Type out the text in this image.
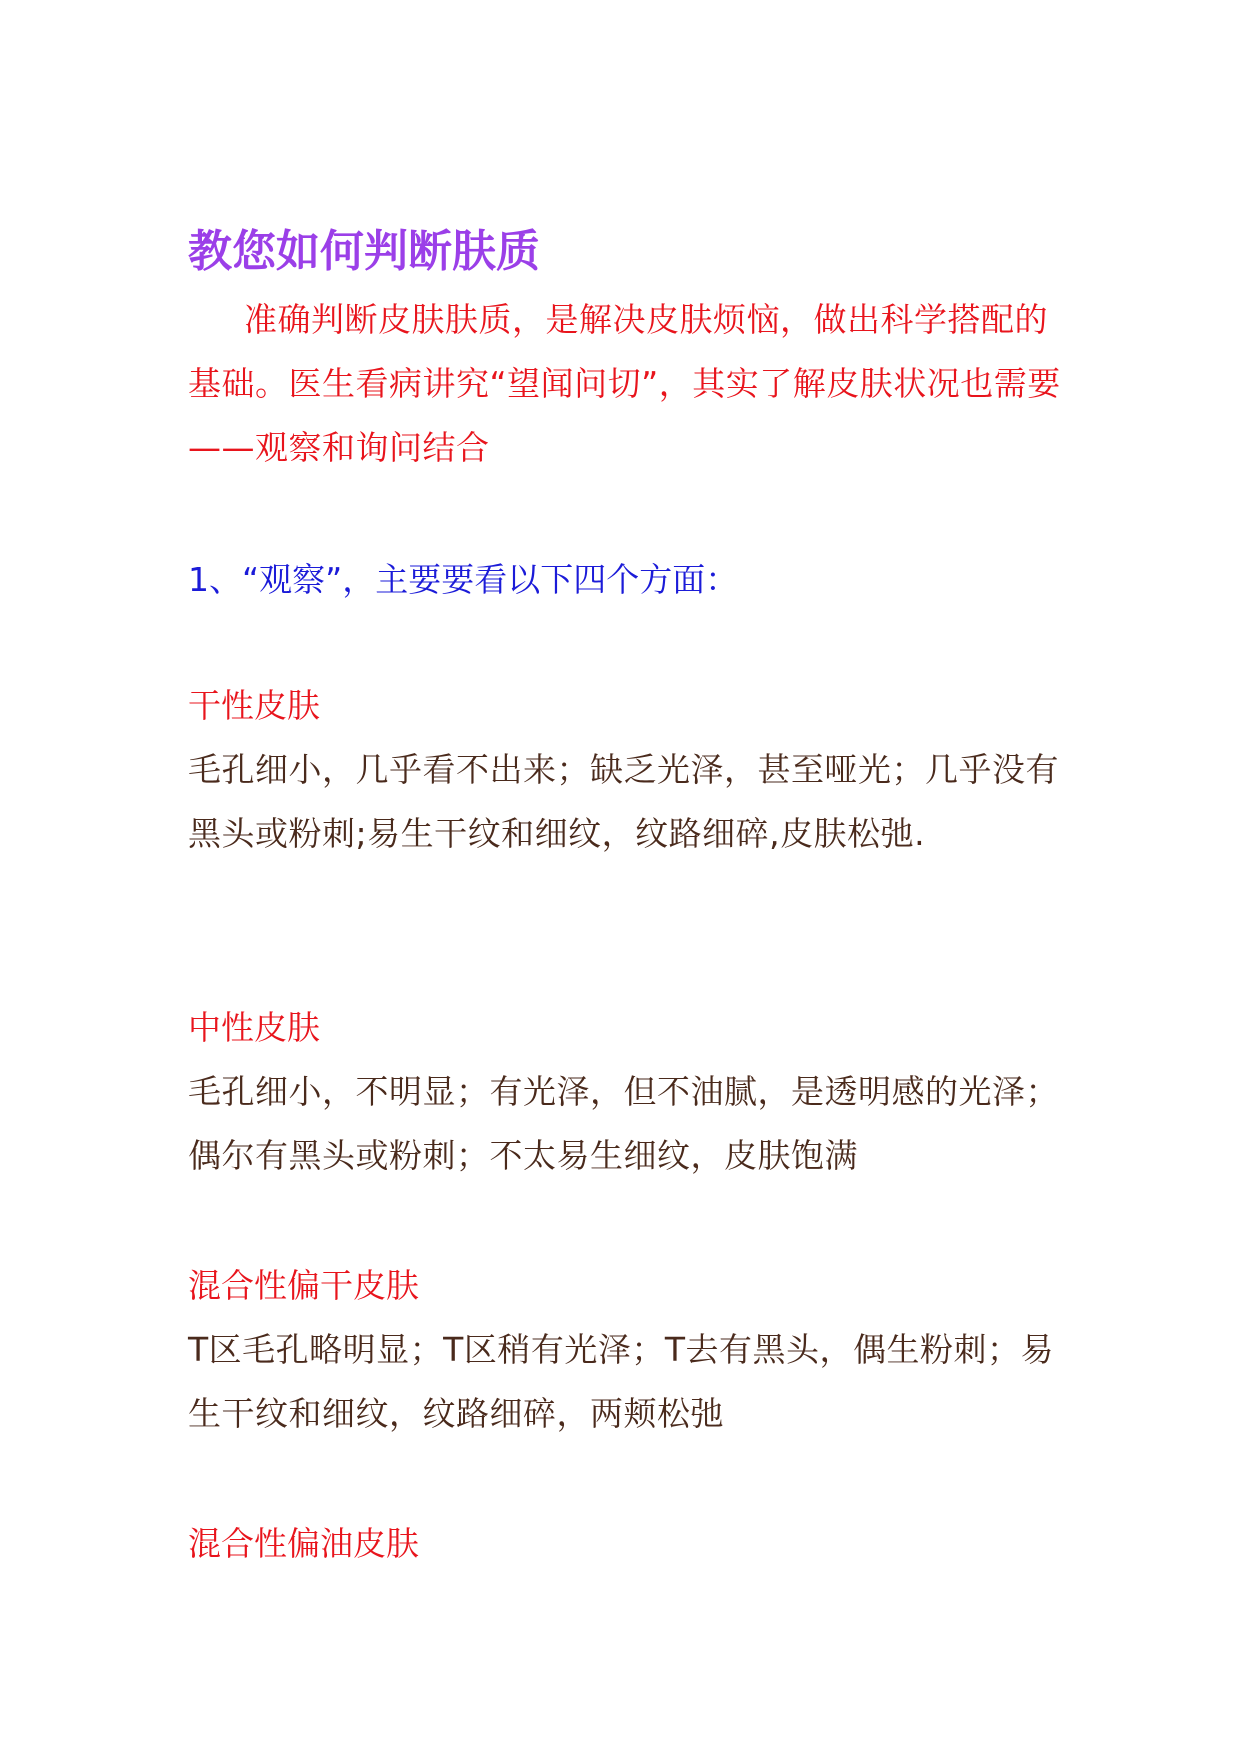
教您如何判断肤质

准确判断皮肤肤质，是解决皮肤烦恼，做出科学搭配的基础。医生看病讲究“望闻问切”，其实了解皮肤状况也需要——观察和询问结合

1、“观察”，主要要看以下四个方面：

干性皮肤

毛孔细小，几乎看不出来；缺乏光泽，甚至哑光；几乎没有黑头或粉刺;易生干纹和细纹，纹路细碎,皮肤松弛.

中性皮肤

毛孔细小，不明显；有光泽，但不油腻，是透明感的光泽；偶尔有黑头或粉刺；不太易生细纹，皮肤饱满

混合性偏干皮肤

T区毛孔略明显；T区稍有光泽；T去有黑头，偶生粉刺；易生干纹和细纹，纹路细碎，两颊松弛

混合性偏油皮肤
